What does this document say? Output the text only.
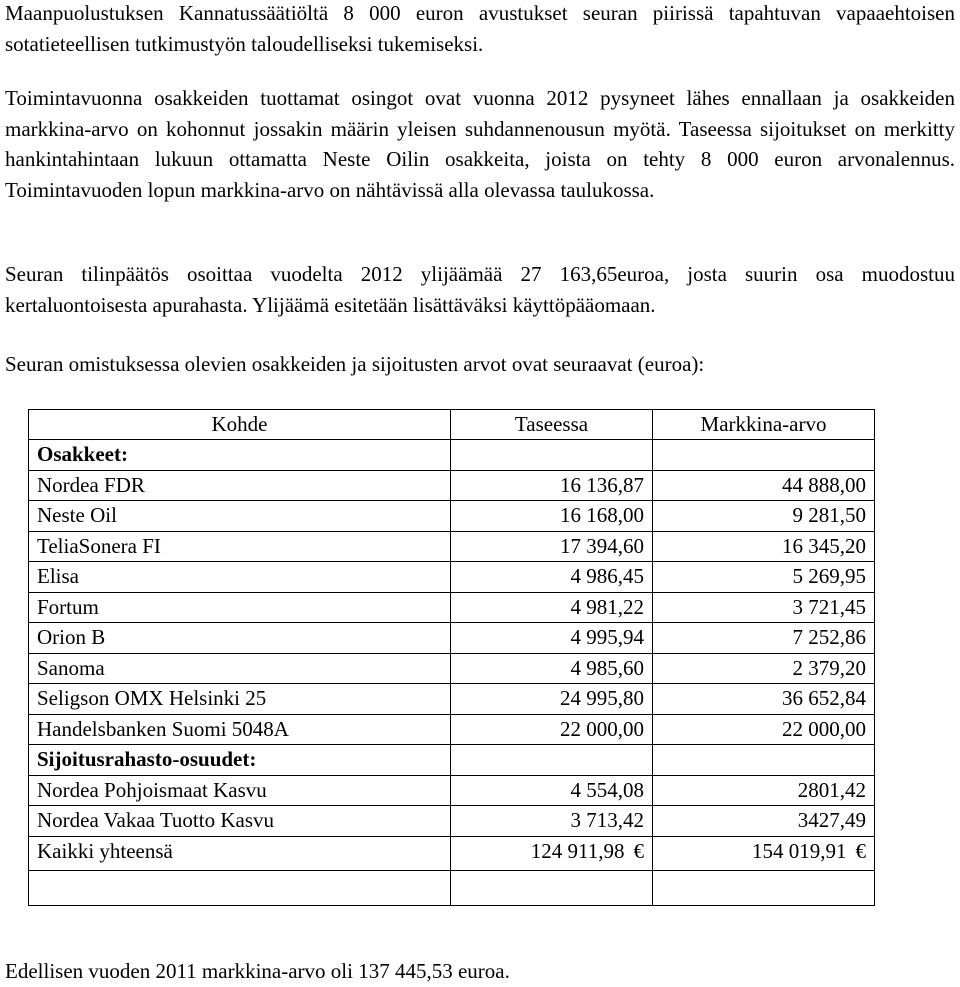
Maanpuolustuksen Kannatussäätiöltä 8 000 euron avustukset seuran piirissä tapahtuvan vapaaehtoisen sotatieteellisen tutkimustyön taloudelliseksi tukemiseksi.

Toimintavuonna osakkeiden tuottamat osingot ovat vuonna 2012 pysyneet lähes ennallaan ja osakkeiden markkina-arvo on kohonnut jossakin määrin yleisen suhdannenousun myötä. Taseessa sijoitukset on merkitty hankintahintaan lukuun ottamatta Neste Oilin osakkeita, joista on tehty 8 000 euron arvonalennus. Toimintavuoden lopun markkina-arvo on nähtävissä alla olevassa taulukossa.

Seuran tilinpäätös osoittaa vuodelta 2012 ylijäämää 27 163,65euroa, josta suurin osa muodostuu kertaluontoisesta apurahasta. Ylijäämä esitetään lisättäväksi käyttöpääomaan.

Seuran omistuksessa olevien osakkeiden ja sijoitusten arvot ovat seuraavat (euroa):

Kohde	Taseessa	Markkina-arvo
Osakkeet:		
Nordea FDR	16 136,87	44 888,00
Neste Oil	16 168,00	9 281,50
TeliaSonera FI	17 394,60	16 345,20
Elisa	4 986,45	5 269,95
Fortum	4 981,22	3 721,45
Orion B	4 995,94	7 252,86
Sanoma	4 985,60	2 379,20
Seligson OMX Helsinki 25	24 995,80	36 652,84
Handelsbanken Suomi 5048A	22 000,00	22 000,00
Sijoitusrahasto-osuudet:		
Nordea Pohjoismaat Kasvu	4 554,08	2801,42
Nordea Vakaa Tuotto Kasvu	3 713,42	3427,49
Kaikki yhteensä	124 911,98 €	154 019,91 €

Edellisen vuoden 2011 markkina-arvo oli 137 445,53 euroa.
